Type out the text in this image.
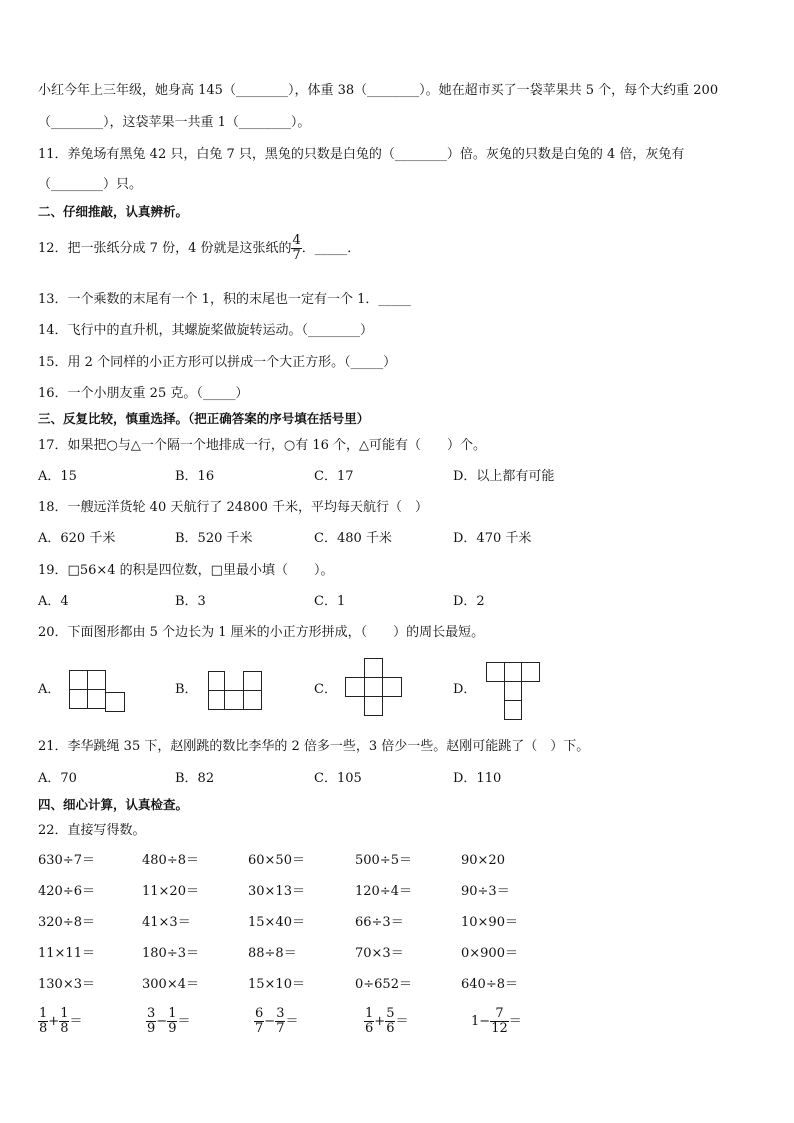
小红今年上三年级，她身高 145（________），体重 38（________）。她在超市买了一袋苹果共 5 个，每个大约重 200
（________），这袋苹果一共重 1（________）。
11．养兔场有黑兔 42 只，白兔 7 只，黑兔的只数是白兔的（________）倍。灰兔的只数是白兔的 4 倍，灰兔有
（________）只。
二、仔细推敲，认真辨析。
12．把一张纸分成 7 份，4 份就是这张纸的 $\frac{4}{7}$ ．_____．
13．一个乘数的末尾有一个 1，积的末尾也一定有一个 1．_____
14．飞行中的直升机，其螺旋桨做旋转运动。（________）
15．用 2 个同样的小正方形可以拼成一个大正方形。（_____）
16．一个小朋友重 25 克。（_____）
三、反复比较，慎重选择。（把正确答案的序号填在括号里）
17．如果把○与△一个隔一个地排成一行，○有 16 个，△可能有（　　）个。
A．15	B．16	C．17	D．以上都有可能
18．一艘远洋货轮 40 天航行了 24800 千米，平均每天航行（　）
A．620 千米	B．520 千米	C．480 千米	D．470 千米
19．□56×4 的积是四位数，□里最小填（　　）。
A．4	B．3	C．1	D．2
20．下面图形都由 5 个边长为 1 厘米的小正方形拼成，（　　）的周长最短。
A．	B．	C．	D．
21．李华跳绳 35 下，赵刚跳的数比李华的 2 倍多一些，3 倍少一些。赵刚可能跳了（　）下。
A．70	B．82	C．105	D．110
四、细心计算，认真检查。
22．直接写得数。
630÷7＝	480÷8＝	60×50＝	500÷5＝	90×20
420÷6＝	11×20＝	30×13＝	120÷4＝	90÷3＝
320÷8＝	41×3＝	15×40＝	66÷3＝	10×90＝
11×11＝	180÷3＝	88÷8＝	70×3＝	0×900＝
130×3＝	300×4＝	15×10＝	0÷652＝	640÷8＝
$\frac{1}{8} + \frac{1}{8}$ ＝	$\frac{3}{9} - \frac{1}{9}$ ＝	$\frac{6}{7} - \frac{3}{7}$ ＝	$\frac{1}{6} + \frac{5}{6}$ ＝	$1 - \frac{7}{12}$ ＝
